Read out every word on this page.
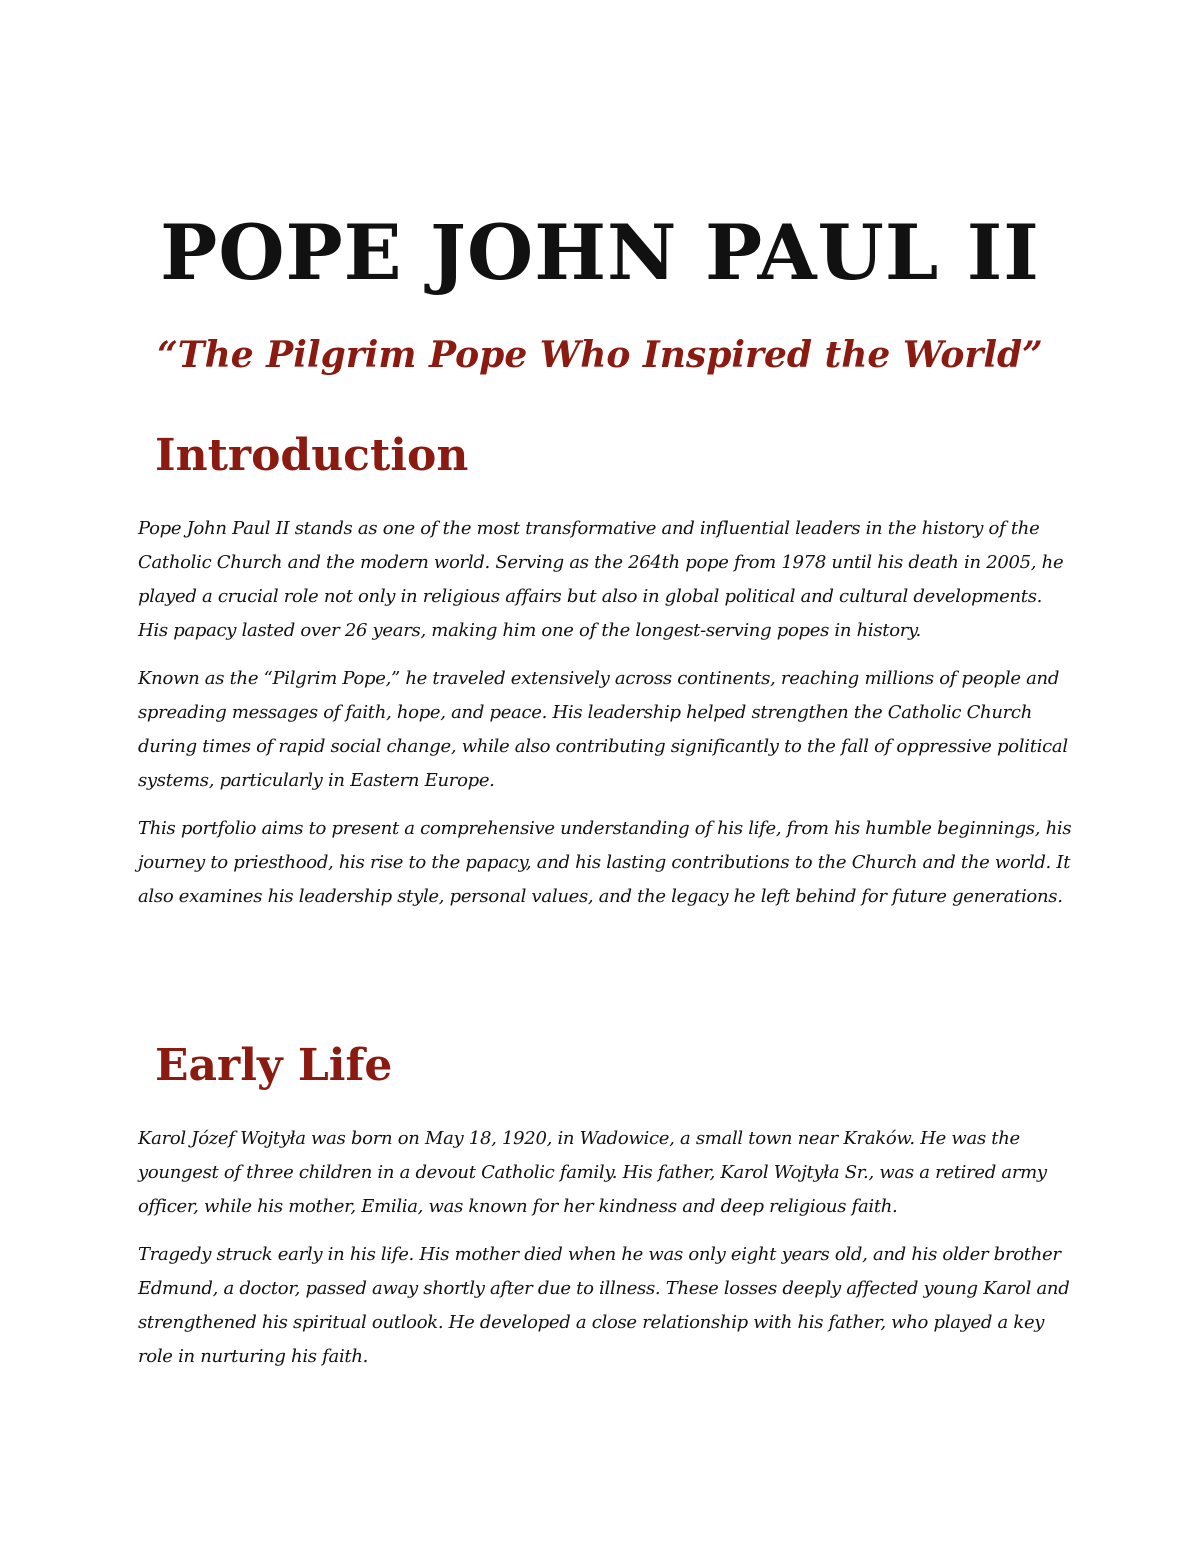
POPE JOHN PAUL II

“The Pilgrim Pope Who Inspired the World”

Introduction

Pope John Paul II stands as one of the most transformative and influential leaders in the history of the Catholic Church and the modern world. Serving as the 264th pope from 1978 until his death in 2005, he played a crucial role not only in religious affairs but also in global political and cultural developments. His papacy lasted over 26 years, making him one of the longest-serving popes in history.

Known as the “Pilgrim Pope,” he traveled extensively across continents, reaching millions of people and spreading messages of faith, hope, and peace. His leadership helped strengthen the Catholic Church during times of rapid social change, while also contributing significantly to the fall of oppressive political systems, particularly in Eastern Europe.

This portfolio aims to present a comprehensive understanding of his life, from his humble beginnings, his journey to priesthood, his rise to the papacy, and his lasting contributions to the Church and the world. It also examines his leadership style, personal values, and the legacy he left behind for future generations.

Early Life

Karol Józef Wojtyła was born on May 18, 1920, in Wadowice, a small town near Kraków. He was the youngest of three children in a devout Catholic family. His father, Karol Wojtyła Sr., was a retired army officer, while his mother, Emilia, was known for her kindness and deep religious faith.

Tragedy struck early in his life. His mother died when he was only eight years old, and his older brother Edmund, a doctor, passed away shortly after due to illness. These losses deeply affected young Karol and strengthened his spiritual outlook. He developed a close relationship with his father, who played a key role in nurturing his faith.
